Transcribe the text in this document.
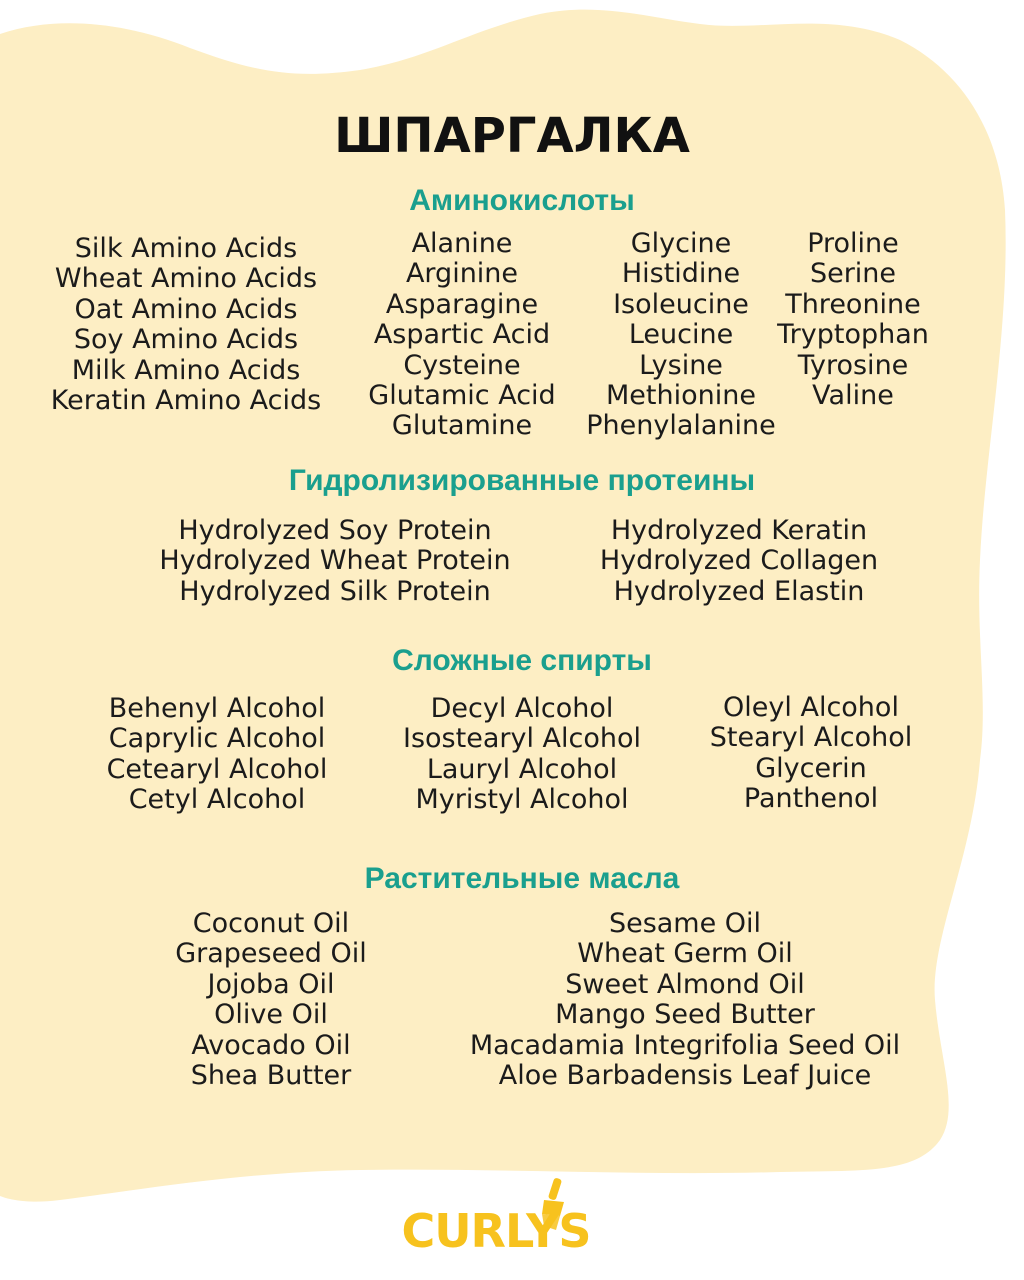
ШПАРГАЛКА
Аминокислоты
Silk Amino Acids
Wheat Amino Acids
Oat Amino Acids
Soy Amino Acids
Milk Amino Acids
Keratin Amino Acids
Alanine
Arginine
Asparagine
Aspartic Acid
Cysteine
Glutamic Acid
Glutamine
Glycine
Histidine
Isoleucine
Leucine
Lysine
Methionine
Phenylalanine
Proline
Serine
Threonine
Tryptophan
Tyrosine
Valine
Гидролизированные протеины
Hydrolyzed Soy Protein
Hydrolyzed Wheat Protein
Hydrolyzed Silk Protein
Hydrolyzed Keratin
Hydrolyzed Collagen
Hydrolyzed Elastin
Сложные спирты
Behenyl Alcohol
Caprylic Alcohol
Cetearyl Alcohol
Cetyl Alcohol
Decyl Alcohol
Isostearyl Alcohol
Lauryl Alcohol
Myristyl Alcohol
Oleyl Alcohol
Stearyl Alcohol
Glycerin
Panthenol
Растительные масла
Coconut Oil
Grapeseed Oil
Jojoba Oil
Olive Oil
Avocado Oil
Shea Butter
Sesame Oil
Wheat Germ Oil
Sweet Almond Oil
Mango Seed Butter
Macadamia Integrifolia Seed Oil
Aloe Barbadensis Leaf Juice
CURLYS
